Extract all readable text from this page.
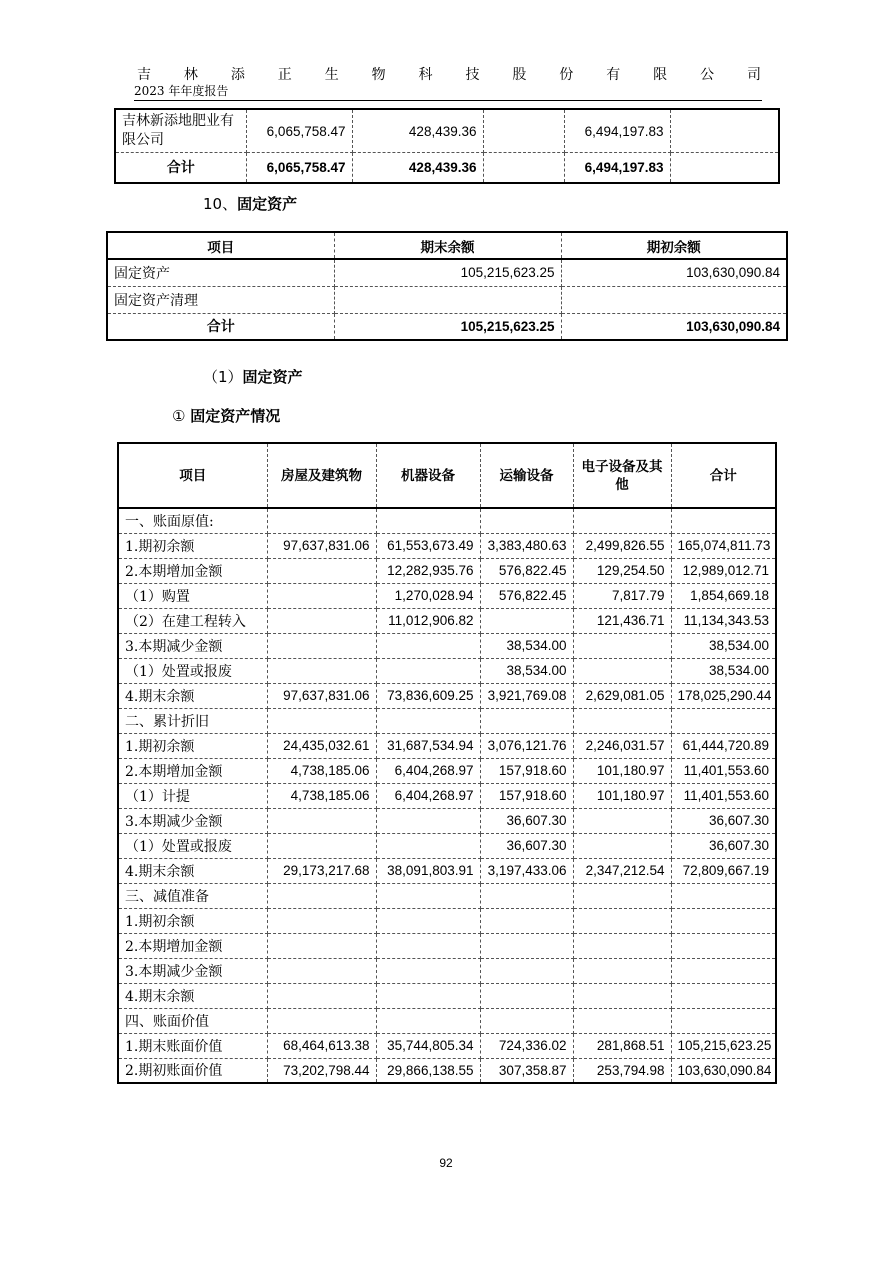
吉 林 添 正 生 物 科 技 股 份 有 限 公 司
2023 年年度报告
吉林新添地肥业有限公司	6,065,758.47	428,439.36		6,494,197.83	
合计	6,065,758.47	428,439.36		6,494,197.83	
10、固定资产
项目	期末余额	期初余额
固定资产	105,215,623.25	103,630,090.84
固定资产清理		
合计	105,215,623.25	103,630,090.84
（1）固定资产
① 固定资产情况
项目	房屋及建筑物	机器设备	运输设备	电子设备及其他	合计
一、账面原值:					
1.期初余额	97,637,831.06	61,553,673.49	3,383,480.63	2,499,826.55	165,074,811.73
2.本期增加金额		12,282,935.76	576,822.45	129,254.50	12,989,012.71
（1）购置		1,270,028.94	576,822.45	7,817.79	1,854,669.18
（2）在建工程转入		11,012,906.82		121,436.71	11,134,343.53
3.本期减少金额			38,534.00		38,534.00
（1）处置或报废			38,534.00		38,534.00
4.期末余额	97,637,831.06	73,836,609.25	3,921,769.08	2,629,081.05	178,025,290.44
二、累计折旧					
1.期初余额	24,435,032.61	31,687,534.94	3,076,121.76	2,246,031.57	61,444,720.89
2.本期增加金额	4,738,185.06	6,404,268.97	157,918.60	101,180.97	11,401,553.60
（1）计提	4,738,185.06	6,404,268.97	157,918.60	101,180.97	11,401,553.60
3.本期减少金额			36,607.30		36,607.30
（1）处置或报废			36,607.30		36,607.30
4.期末余额	29,173,217.68	38,091,803.91	3,197,433.06	2,347,212.54	72,809,667.19
三、减值准备					
1.期初余额					
2.本期增加金额					
3.本期减少金额					
4.期末余额					
四、账面价值					
1.期末账面价值	68,464,613.38	35,744,805.34	724,336.02	281,868.51	105,215,623.25
2.期初账面价值	73,202,798.44	29,866,138.55	307,358.87	253,794.98	103,630,090.84
92
